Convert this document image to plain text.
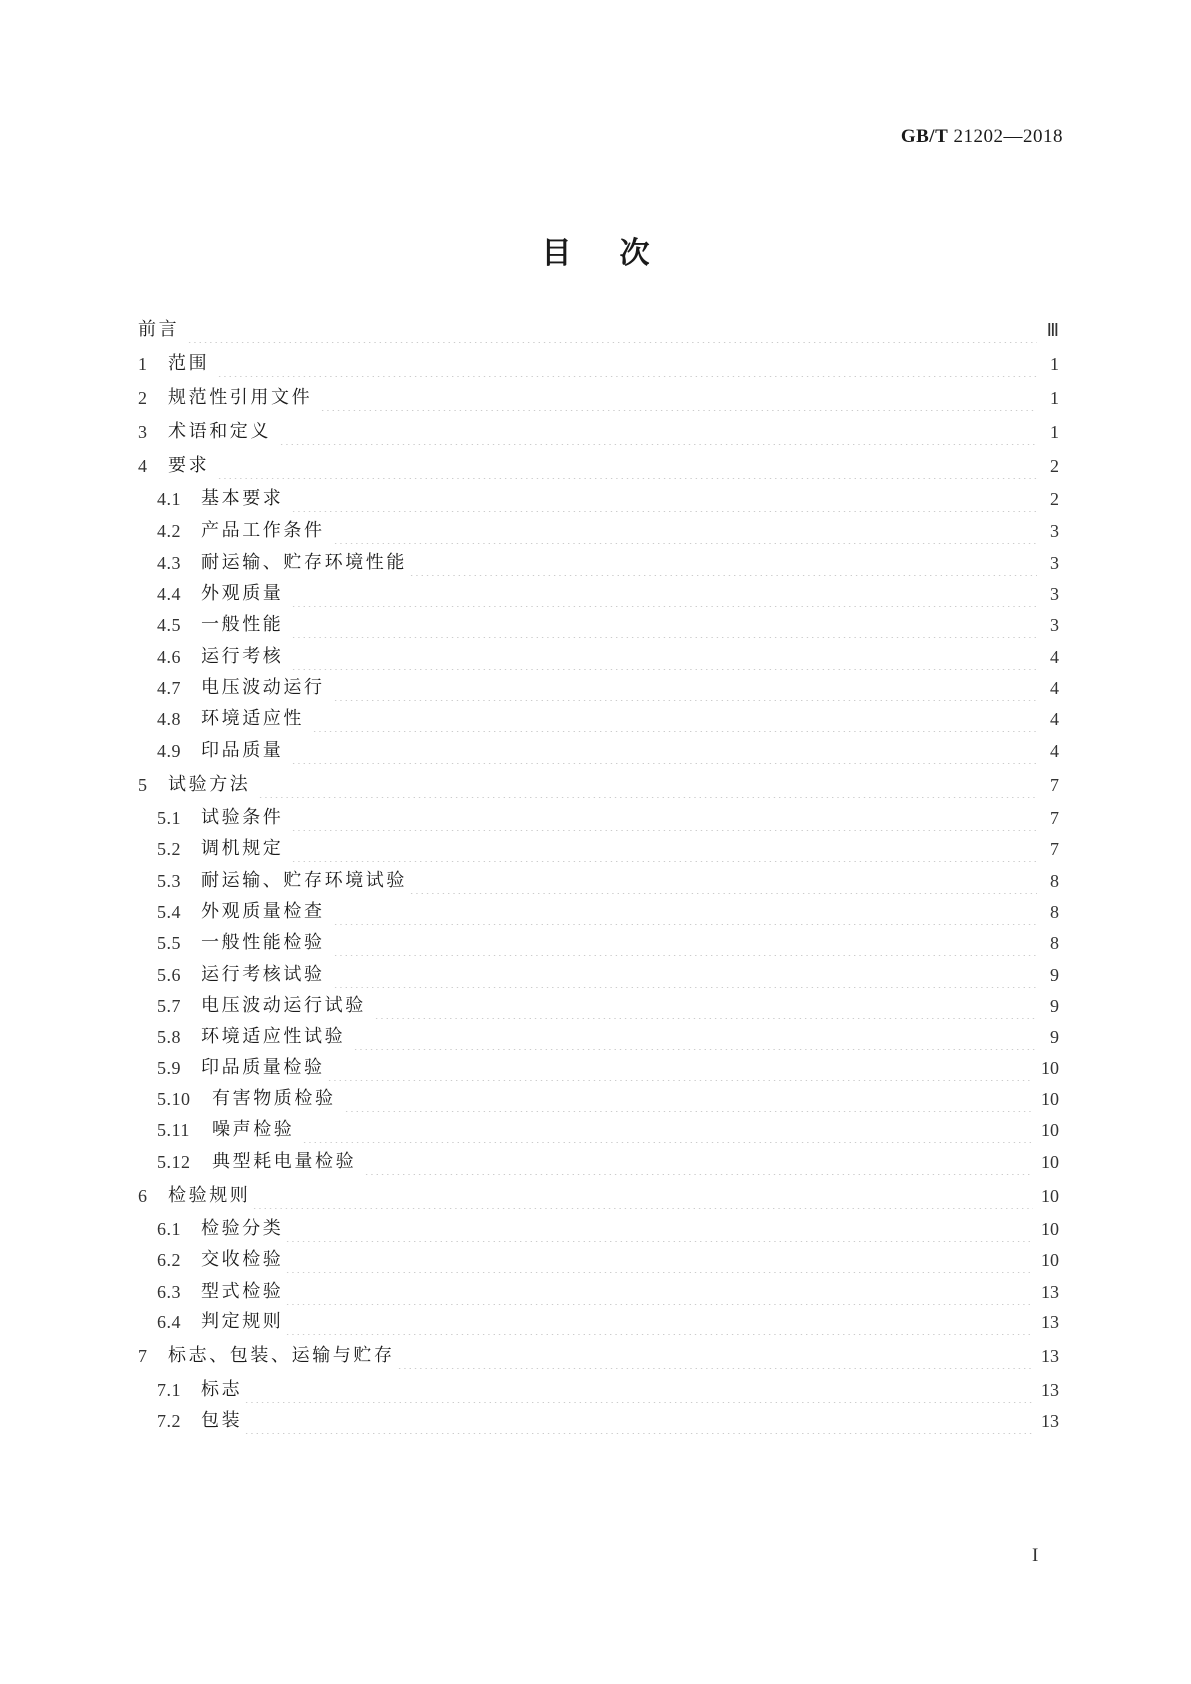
GB/T 21202—2018
目次
前言	Ⅲ
1	范围	1
2	规范性引用文件	1
3	术语和定义	1
4	要求	2
4.1	基本要求	2
4.2	产品工作条件	3
4.3	耐运输、贮存环境性能	3
4.4	外观质量	3
4.5	一般性能	3
4.6	运行考核	4
4.7	电压波动运行	4
4.8	环境适应性	4
4.9	印品质量	4
5	试验方法	7
5.1	试验条件	7
5.2	调机规定	7
5.3	耐运输、贮存环境试验	8
5.4	外观质量检查	8
5.5	一般性能检验	8
5.6	运行考核试验	9
5.7	电压波动运行试验	9
5.8	环境适应性试验	9
5.9	印品质量检验	10
5.10	有害物质检验	10
5.11	噪声检验	10
5.12	典型耗电量检验	10
6	检验规则	10
6.1	检验分类	10
6.2	交收检验	10
6.3	型式检验	13
6.4	判定规则	13
7	标志、包装、运输与贮存	13
7.1	标志	13
7.2	包装	13
I
